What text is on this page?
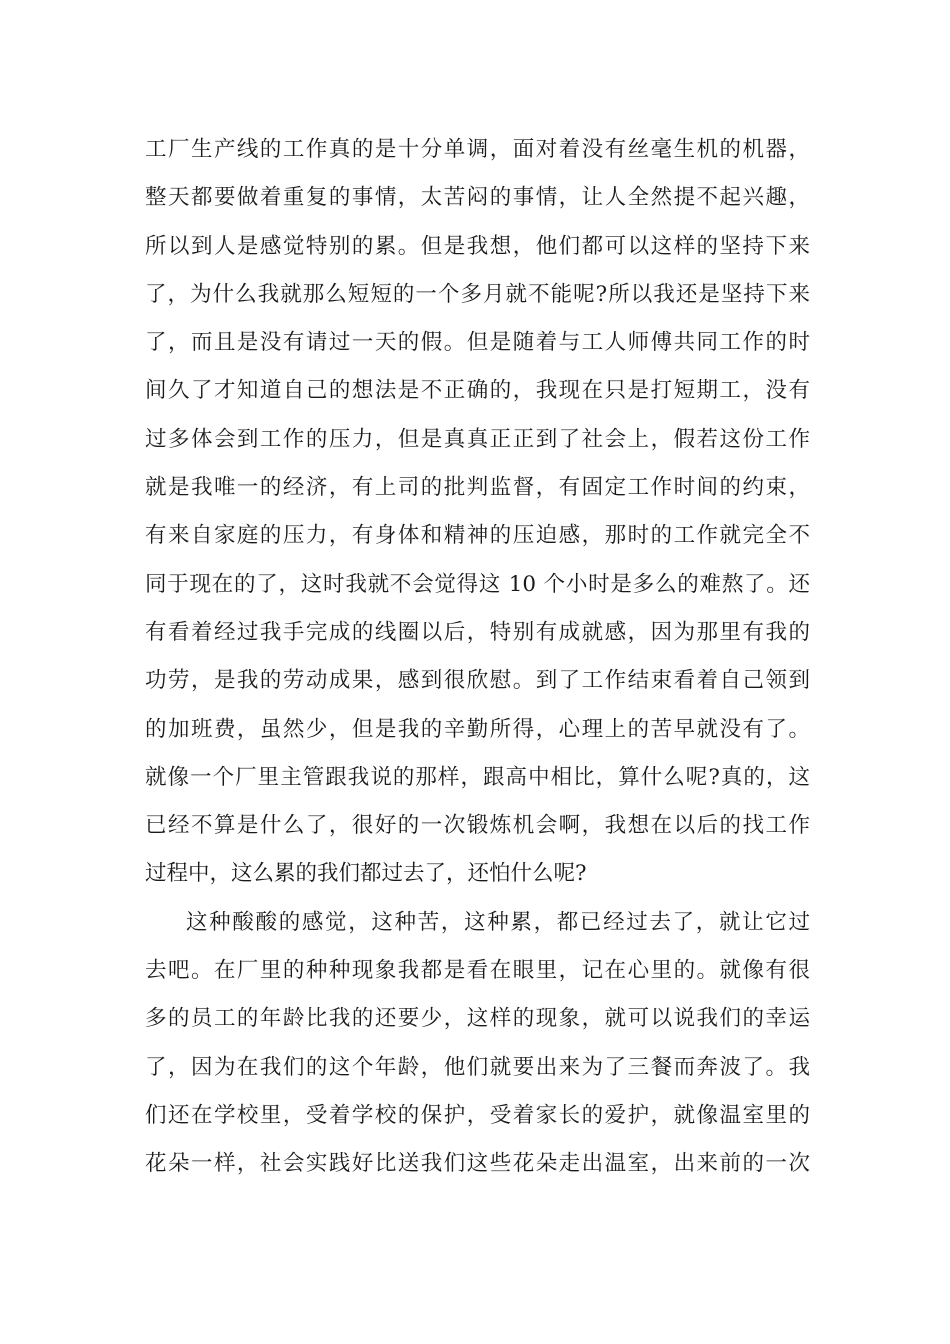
工厂生产线的工作真的是十分单调，面对着没有丝毫生机的机器，
整天都要做着重复的事情，太苦闷的事情，让人全然提不起兴趣，
所以到人是感觉特别的累。但是我想，他们都可以这样的坚持下来
了，为什么我就那么短短的一个多月就不能呢?所以我还是坚持下来
了，而且是没有请过一天的假。但是随着与工人师傅共同工作的时
间久了才知道自己的想法是不正确的，我现在只是打短期工，没有
过多体会到工作的压力，但是真真正正到了社会上，假若这份工作
就是我唯一的经济，有上司的批判监督，有固定工作时间的约束，
有来自家庭的压力，有身体和精神的压迫感，那时的工作就完全不
同于现在的了，这时我就不会觉得这 10 个小时是多么的难熬了。还
有看着经过我手完成的线圈以后，特别有成就感，因为那里有我的
功劳，是我的劳动成果，感到很欣慰。到了工作结束看着自己领到
的加班费，虽然少，但是我的辛勤所得，心理上的苦早就没有了。
就像一个厂里主管跟我说的那样，跟高中相比，算什么呢?真的，这
已经不算是什么了，很好的一次锻炼机会啊，我想在以后的找工作
过程中，这么累的我们都过去了，还怕什么呢?
这种酸酸的感觉，这种苦，这种累，都已经过去了，就让它过
去吧。在厂里的种种现象我都是看在眼里，记在心里的。就像有很
多的员工的年龄比我的还要少，这样的现象，就可以说我们的幸运
了，因为在我们的这个年龄，他们就要出来为了三餐而奔波了。我
们还在学校里，受着学校的保护，受着家长的爱护，就像温室里的
花朵一样，社会实践好比送我们这些花朵走出温室，出来前的一次
